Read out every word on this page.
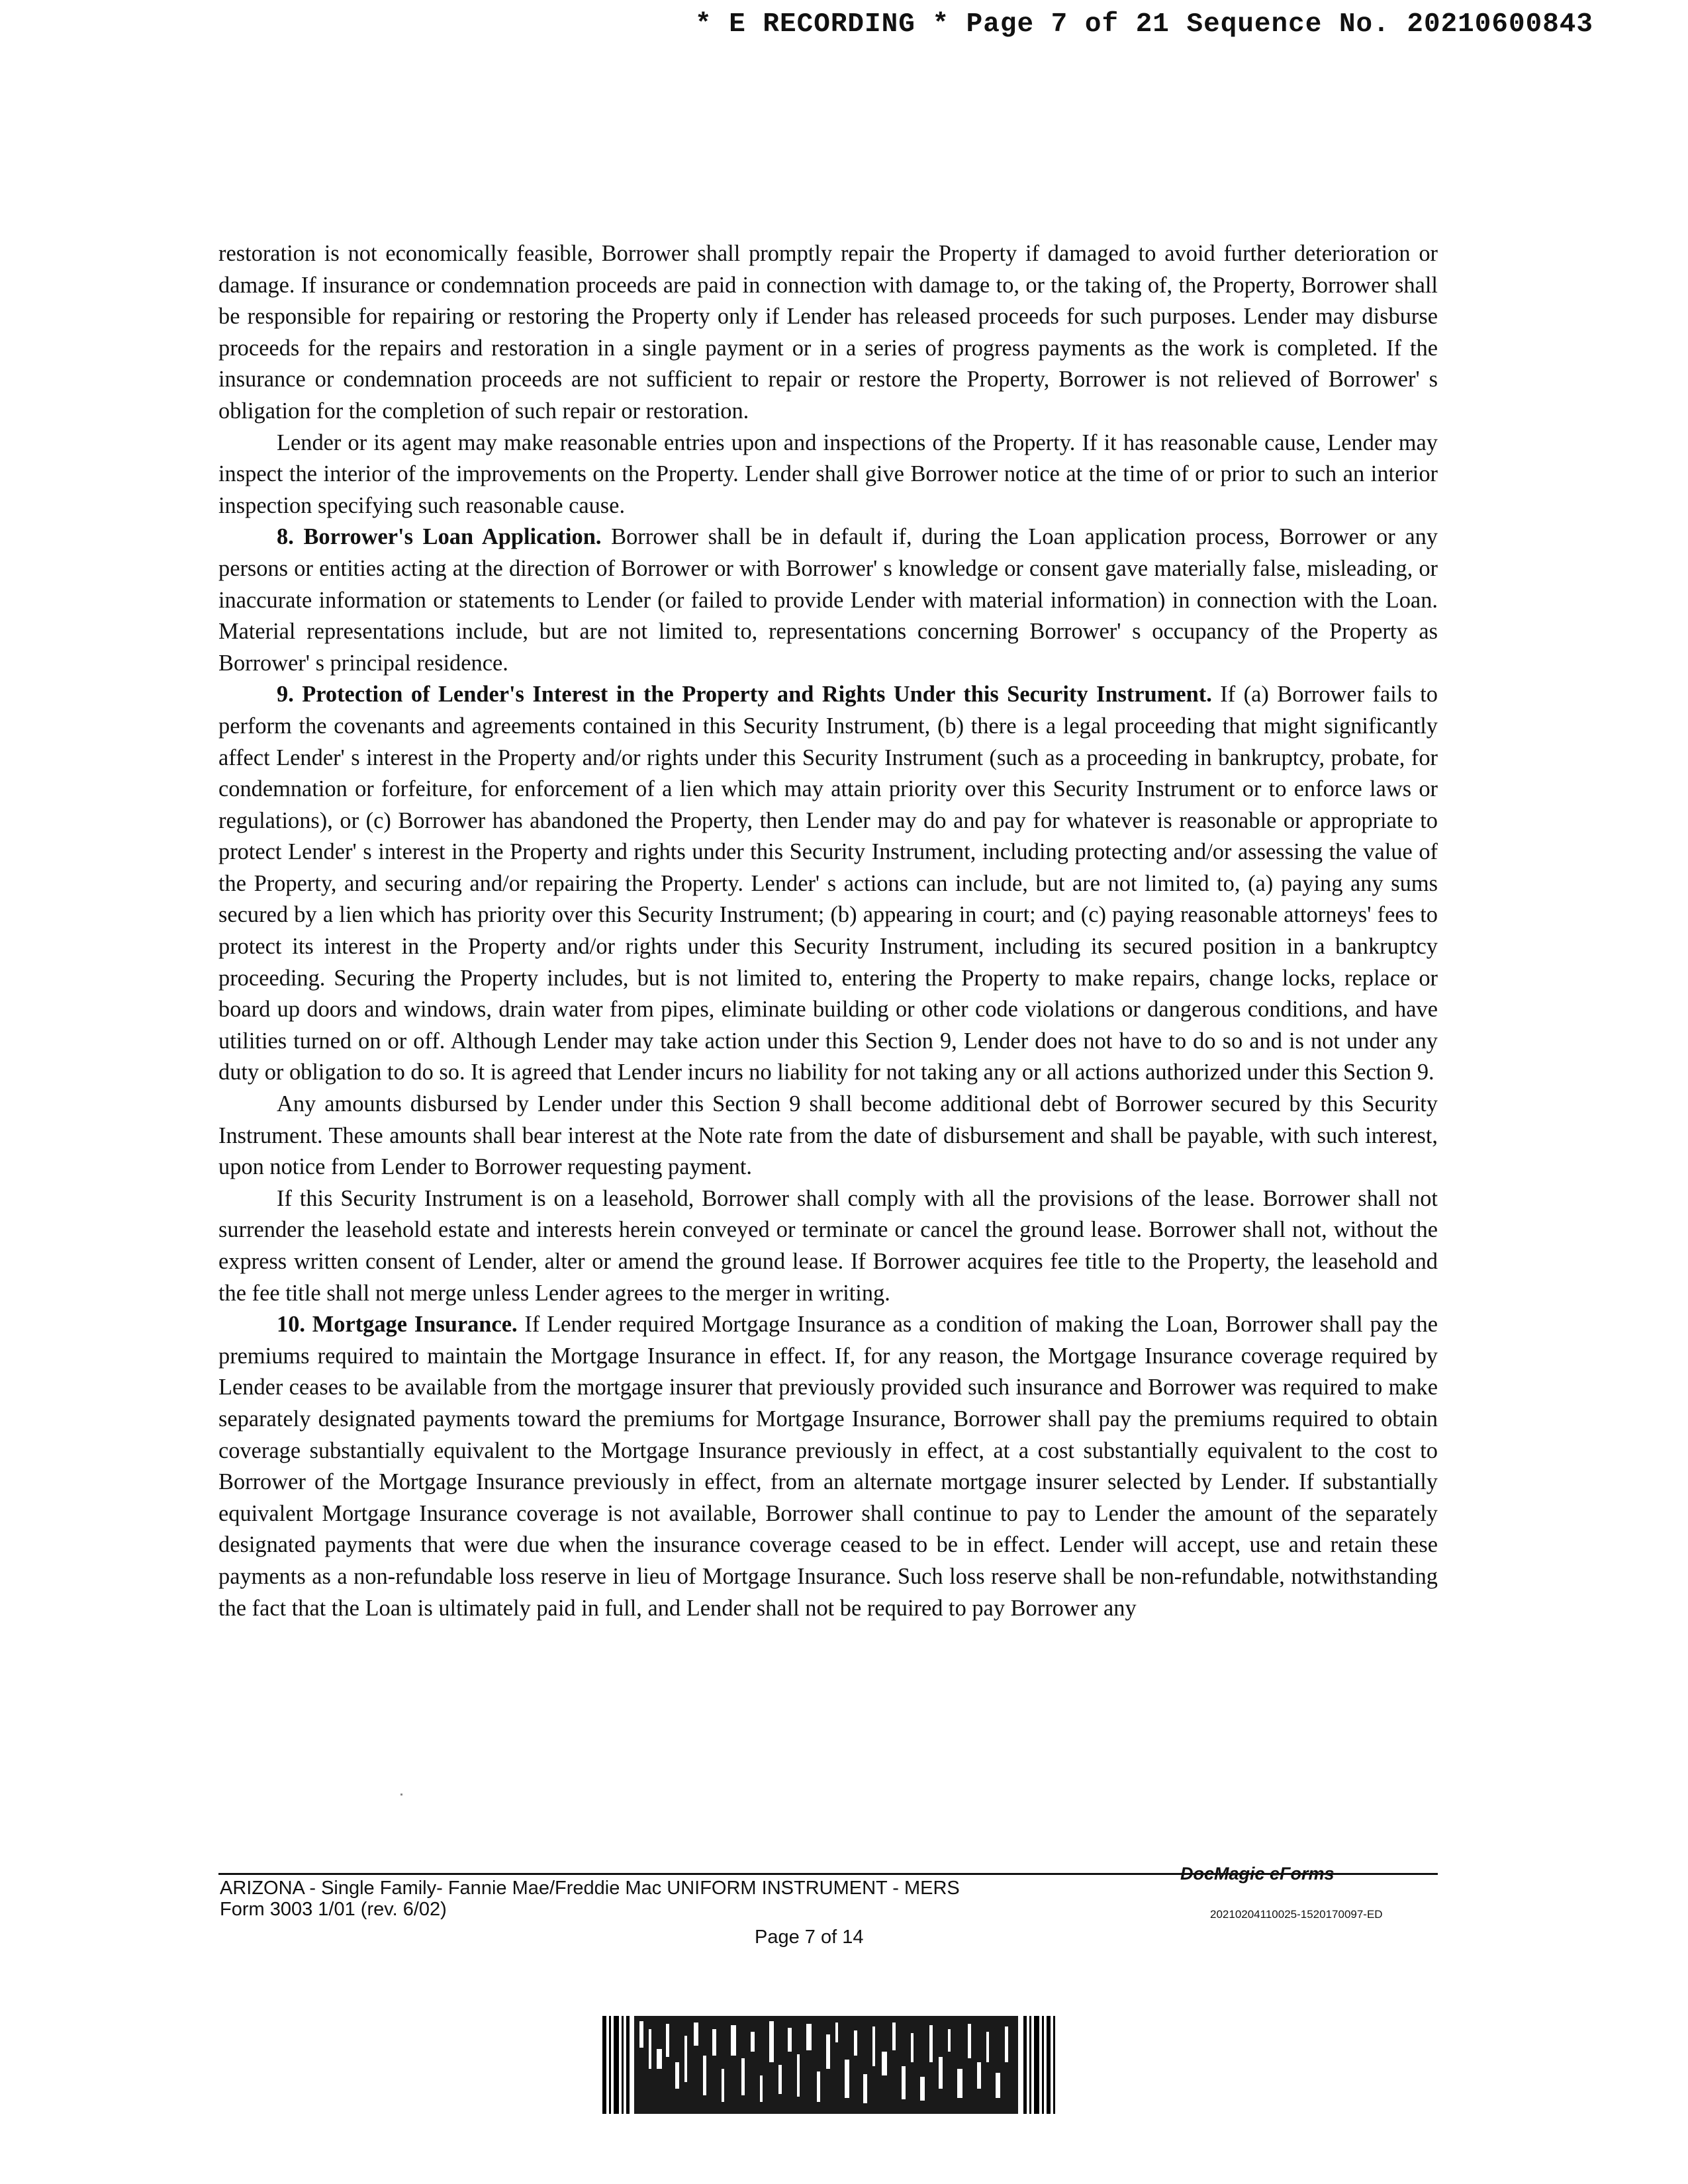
* E RECORDING * Page 7 of 21 Sequence No. 20210600843

restoration is not economically feasible, Borrower shall promptly repair the Property if damaged to avoid further deterioration or damage. If insurance or condemnation proceeds are paid in connection with damage to, or the taking of, the Property, Borrower shall be responsible for repairing or restoring the Property only if Lender has released proceeds for such purposes. Lender may disburse proceeds for the repairs and restoration in a single payment or in a series of progress payments as the work is completed. If the insurance or condemnation proceeds are not sufficient to repair or restore the Property, Borrower is not relieved of Borrower' s obligation for the completion of such repair or restoration.

Lender or its agent may make reasonable entries upon and inspections of the Property. If it has reasonable cause, Lender may inspect the interior of the improvements on the Property. Lender shall give Borrower notice at the time of or prior to such an interior inspection specifying such reasonable cause.

8. Borrower's Loan Application. Borrower shall be in default if, during the Loan application process, Borrower or any persons or entities acting at the direction of Borrower or with Borrower' s knowledge or consent gave materially false, misleading, or inaccurate information or statements to Lender (or failed to provide Lender with material information) in connection with the Loan. Material representations include, but are not limited to, representations concerning Borrower' s occupancy of the Property as Borrower' s principal residence.

9. Protection of Lender's Interest in the Property and Rights Under this Security Instrument. If (a) Borrower fails to perform the covenants and agreements contained in this Security Instrument, (b) there is a legal proceeding that might significantly affect Lender' s interest in the Property and/or rights under this Security Instrument (such as a proceeding in bankruptcy, probate, for condemnation or forfeiture, for enforcement of a lien which may attain priority over this Security Instrument or to enforce laws or regulations), or (c) Borrower has abandoned the Property, then Lender may do and pay for whatever is reasonable or appropriate to protect Lender' s interest in the Property and rights under this Security Instrument, including protecting and/or assessing the value of the Property, and securing and/or repairing the Property. Lender' s actions can include, but are not limited to, (a) paying any sums secured by a lien which has priority over this Security Instrument; (b) appearing in court; and (c) paying reasonable attorneys' fees to protect its interest in the Property and/or rights under this Security Instrument, including its secured position in a bankruptcy proceeding. Securing the Property includes, but is not limited to, entering the Property to make repairs, change locks, replace or board up doors and windows, drain water from pipes, eliminate building or other code violations or dangerous conditions, and have utilities turned on or off. Although Lender may take action under this Section 9, Lender does not have to do so and is not under any duty or obligation to do so. It is agreed that Lender incurs no liability for not taking any or all actions authorized under this Section 9.

Any amounts disbursed by Lender under this Section 9 shall become additional debt of Borrower secured by this Security Instrument. These amounts shall bear interest at the Note rate from the date of disbursement and shall be payable, with such interest, upon notice from Lender to Borrower requesting payment.

If this Security Instrument is on a leasehold, Borrower shall comply with all the provisions of the lease. Borrower shall not surrender the leasehold estate and interests herein conveyed or terminate or cancel the ground lease. Borrower shall not, without the express written consent of Lender, alter or amend the ground lease. If Borrower acquires fee title to the Property, the leasehold and the fee title shall not merge unless Lender agrees to the merger in writing.

10. Mortgage Insurance. If Lender required Mortgage Insurance as a condition of making the Loan, Borrower shall pay the premiums required to maintain the Mortgage Insurance in effect. If, for any reason, the Mortgage Insurance coverage required by Lender ceases to be available from the mortgage insurer that previously provided such insurance and Borrower was required to make separately designated payments toward the premiums for Mortgage Insurance, Borrower shall pay the premiums required to obtain coverage substantially equivalent to the Mortgage Insurance previously in effect, at a cost substantially equivalent to the cost to Borrower of the Mortgage Insurance previously in effect, from an alternate mortgage insurer selected by Lender. If substantially equivalent Mortgage Insurance coverage is not available, Borrower shall continue to pay to Lender the amount of the separately designated payments that were due when the insurance coverage ceased to be in effect. Lender will accept, use and retain these payments as a non-refundable loss reserve in lieu of Mortgage Insurance. Such loss reserve shall be non-refundable, notwithstanding the fact that the Loan is ultimately paid in full, and Lender shall not be required to pay Borrower any

ARIZONA - Single Family- Fannie Mae/Freddie Mac UNIFORM INSTRUMENT - MERS
Form 3003 1/01 (rev. 6/02)
DocMagic eForms
20210204110025-1520170097-ED
Page 7 of 14
